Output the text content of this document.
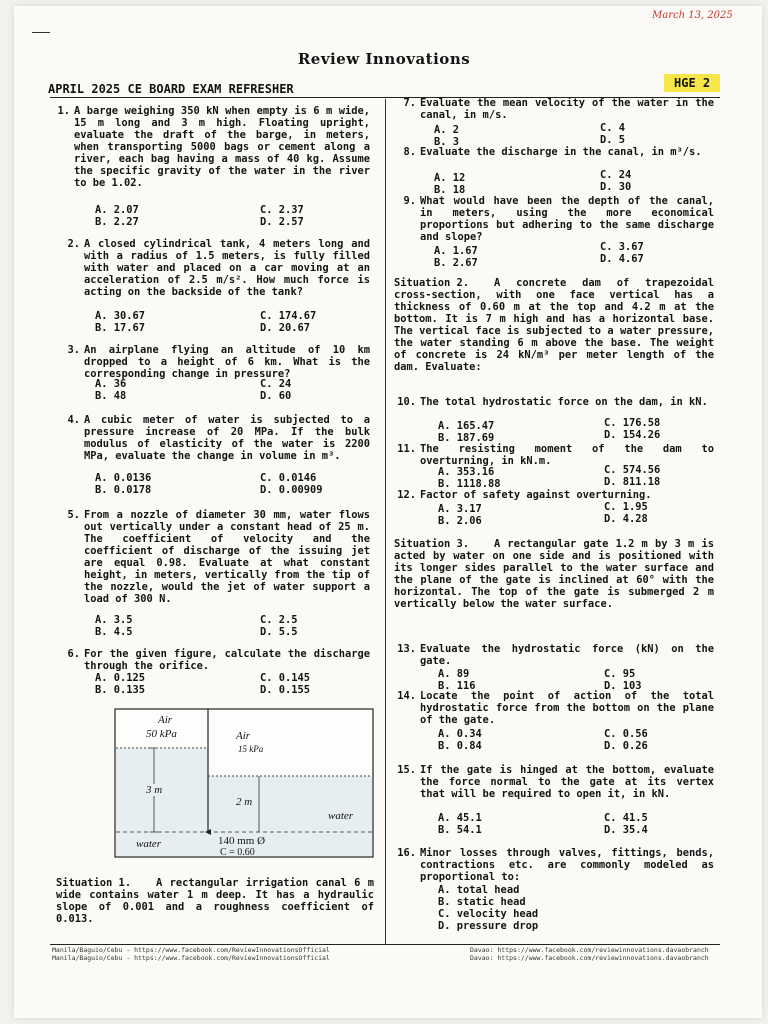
March 13, 2025
Review Innovations
APRIL 2025 CE BOARD EXAM REFRESHER	HGE 2
1. A barge weighing 350 kN when empty is 6 m wide, 15 m long and 3 m high. Floating upright, evaluate the draft of the barge, in meters, when transporting 5000 bags or cement along a river, each bag having a mass of 40 kg. Assume the specific gravity of the water in the river to be 1.02.
A. 2.07	C. 2.37
B. 2.27	D. 2.57
2. A closed cylindrical tank, 4 meters long and with a radius of 1.5 meters, is fully filled with water and placed on a car moving at an acceleration of 2.5 m/s². How much force is acting on the backside of the tank?
A. 30.67	C. 174.67
B. 17.67	D. 20.67
3. An airplane flying an altitude of 10 km dropped to a height of 6 km. What is the corresponding change in pressure?
A. 36	C. 24
B. 48	D. 60
4. A cubic meter of water is subjected to a pressure increase of 20 MPa. If the bulk modulus of elasticity of the water is 2200 MPa, evaluate the change in volume in m³.
A. 0.0136	C. 0.0146
B. 0.0178	D. 0.00909
5. From a nozzle of diameter 30 mm, water flows out vertically under a constant head of 25 m. The coefficient of velocity and the coefficient of discharge of the issuing jet are equal 0.98. Evaluate at what constant height, in meters, vertically from the tip of the nozzle, would the jet of water support a load of 300 N.
A. 3.5	C. 2.5
B. 4.5	D. 5.5
6. For the given figure, calculate the discharge through the orifice.
A. 0.125	C. 0.145
B. 0.135	D. 0.155
Air
50 kPa	Air
15 kPa
3 m
2 m
water
water	140 mm Ø
C = 0.60
Situation 1.	A rectangular irrigation canal 6 m wide contains water 1 m deep. It has a hydraulic slope of 0.001 and a roughness coefficient of 0.013.
7. Evaluate the mean velocity of the water in the canal, in m/s.
A. 2	C. 4
B. 3	D. 5
8. Evaluate the discharge in the canal, in m³/s.
A. 12	C. 24
B. 18	D. 30
9. What would have been the depth of the canal, in meters, using the more economical proportions but adhering to the same discharge and slope?
A. 1.67	C. 3.67
B. 2.67	D. 4.67
Situation 2.	A concrete dam of trapezoidal cross-section, with one face vertical has a thickness of 0.60 m at the top and 4.2 m at the bottom. It is 7 m high and has a horizontal base. The vertical face is subjected to a water pressure, the water standing 6 m above the base. The weight of concrete is 24 kN/m³ per meter length of the dam. Evaluate:
10. The total hydrostatic force on the dam, in kN.
A. 165.47	C. 176.58
B. 187.69	D. 154.26
11. The resisting moment of the dam to overturning, in kN.m.
A. 353.16	C. 574.56
B. 1118.88	D. 811.18
12. Factor of safety against overturning.
A. 3.17	C. 1.95
B. 2.06	D. 4.28
Situation 3.	A rectangular gate 1.2 m by 3 m is acted by water on one side and is positioned with its longer sides parallel to the water surface and the plane of the gate is inclined at 60° with the horizontal. The top of the gate is submerged 2 m vertically below the water surface.
13. Evaluate the hydrostatic force (kN) on the gate.
A. 89	C. 95
B. 116	D. 103
14. Locate the point of action of the total hydrostatic force from the bottom on the plane of the gate.
A. 0.34	C. 0.56
B. 0.84	D. 0.26
15. If the gate is hinged at the bottom, evaluate the force normal to the gate at its vertex that will be required to open it, in kN.
A. 45.1	C. 41.5
B. 54.1	D. 35.4
16. Minor losses through valves, fittings, bends, contractions etc. are commonly modeled as proportional to:
A. total head
B. static head
C. velocity head
D. pressure drop
Manila/Baguio/Cebu - https://www.facebook.com/ReviewInnovationsOfficial
Manila/Baguio/Cebu - https://www.facebook.com/ReviewInnovationsOfficial
Davao: https://www.facebook.com/reviewinnovations.davaobranch
Davao: https://www.facebook.com/reviewinnovations.davaobranch
